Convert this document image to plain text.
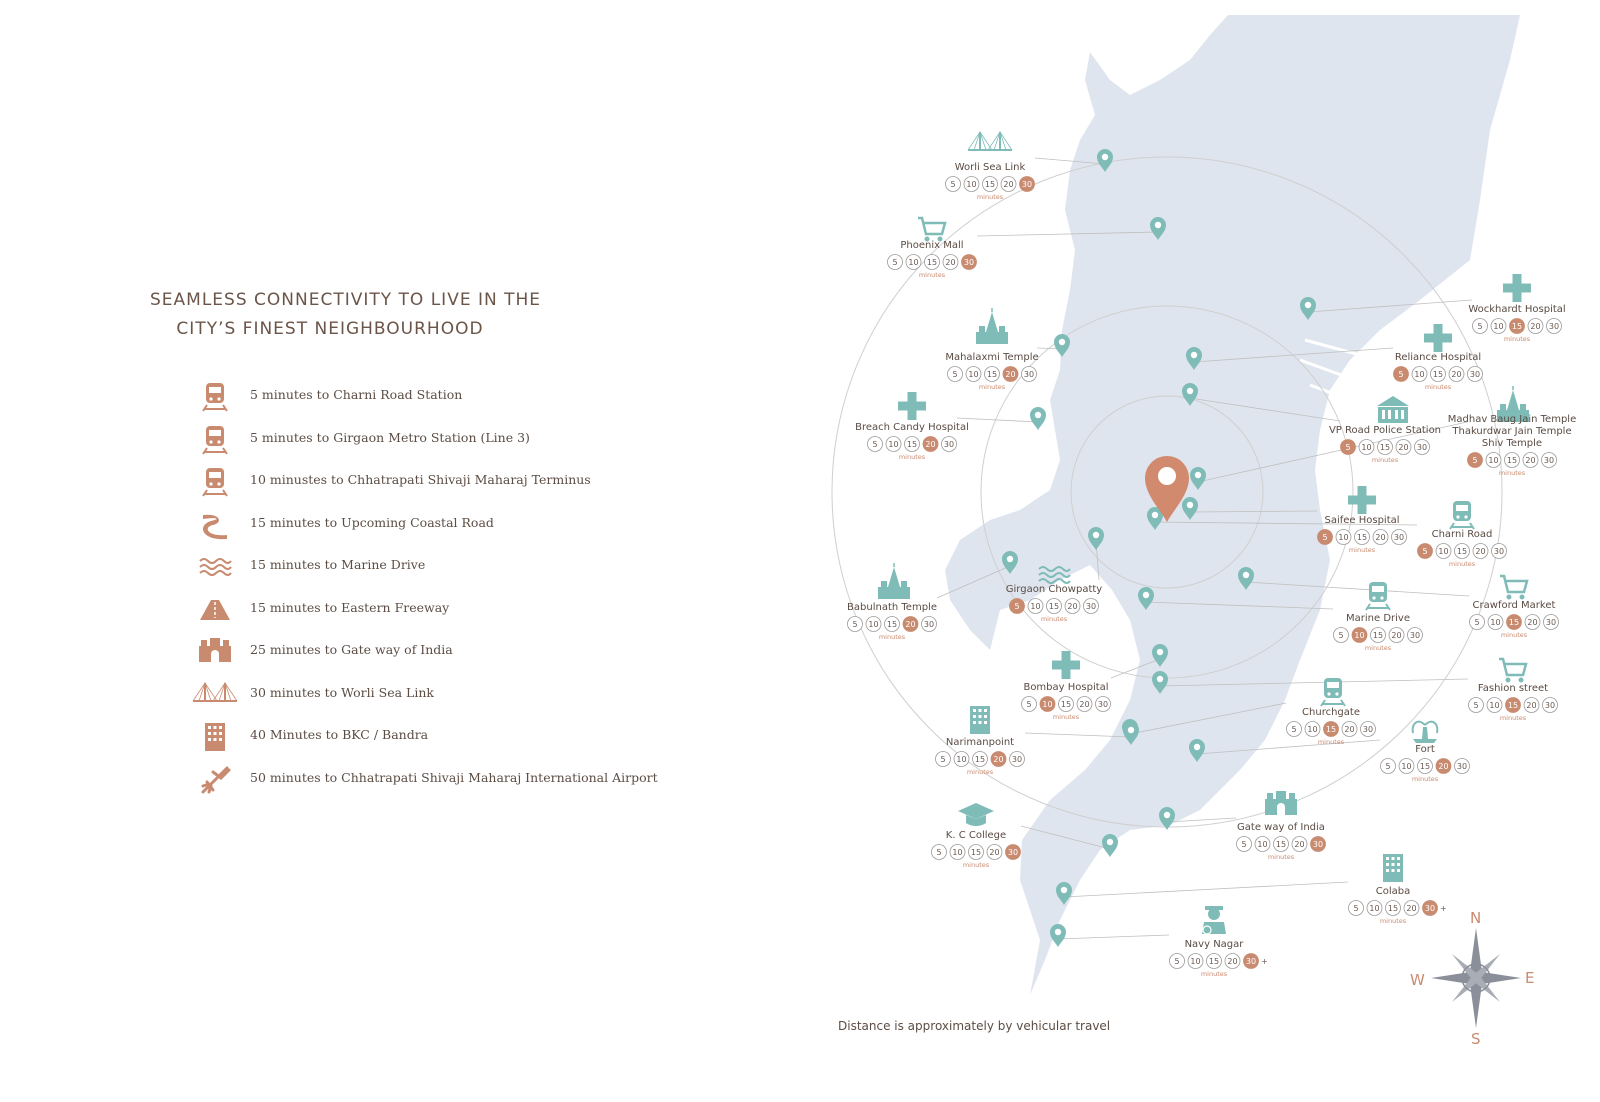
SEAMLESS CONNECTIVITY TO LIVE IN THE
CITY’S FINEST NEIGHBOURHOOD
5 minutes to Charni Road Station
5 minutes to Girgaon Metro Station (Line 3)
10 minustes to Chhatrapati Shivaji Maharaj Terminus
15 minutes to Upcoming Coastal Road
15 minutes to Marine Drive
15 minutes to Eastern Freeway
25 minutes to Gate way of India
30 minutes to Worli Sea Link
40 Minutes to BKC / Bandra
50 minutes to Chhatrapati Shivaji Maharaj International Airport
Worli Sea Link
5 10 15 20 30
minutes
Phoenix Mall
5 10 15 20 30
minutes
Wockhardt Hospital
5 10 15 20 30
minutes
Reliance Hospital
5 10 15 20 30
minutes
Mahalaxmi Temple
5 10 15 20 30
minutes
VP Road Police Station
5 10 15 20 30
minutes
Madhav Baug Jain Temple Thakurdwar Jain Temple Shiv Temple
5 10 15 20 30
minutes
Breach Candy Hospital
5 10 15 20 30
minutes
Saifee Hospital
5 10 15 20 30
minutes
Charni Road
5 10 15 20 30
minutes
Girgaon Chowpatty
5 10 15 20 30
minutes
Babulnath Temple
5 10 15 20 30
minutes
Marine Drive
5 10 15 20 30
minutes
Crawford Market
5 10 15 20 30
minutes
Bombay Hospital
5 10 15 20 30
minutes
Fashion street
5 10 15 20 30
minutes
Churchgate
5 10 15 20 30
minutes
Narimanpoint
5 10 15 20 30
minutes
Fort
5 10 15 20 30
minutes
Gate way of India
5 10 15 20 30
minutes
K. C College
5 10 15 20 30
minutes
Colaba
5 10 15 20 30 +
minutes
Navy Nagar
5 10 15 20 30 +
minutes
N
S
E
W
Distance is approximately by vehicular travel
